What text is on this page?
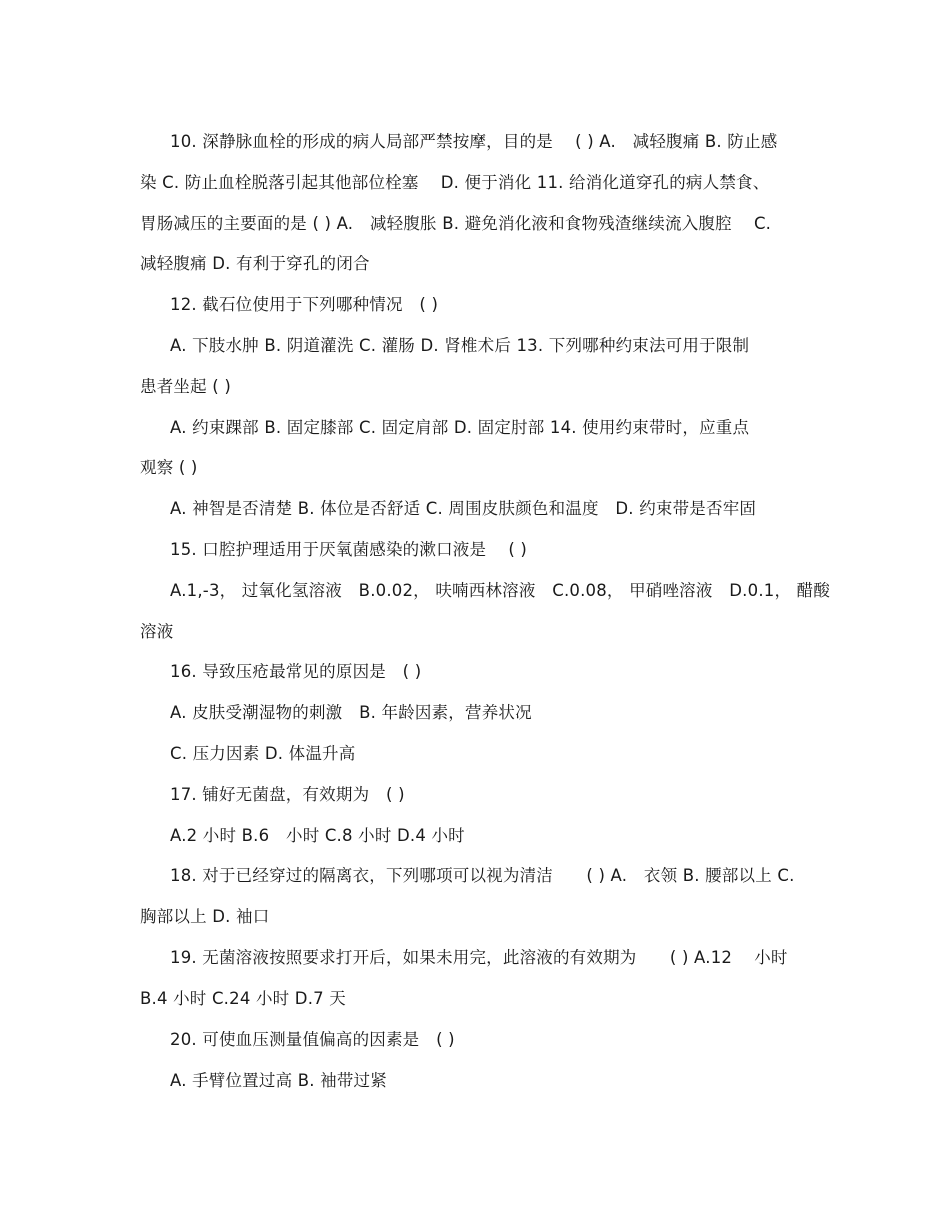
10. 深静脉血栓的形成的病人局部严禁按摩，目的是　 ( ) A.　减轻腹痛 B. 防止感
染 C. 防止血栓脱落引起其他部位栓塞　 D. 便于消化 11. 给消化道穿孔的病人禁食、
胃肠减压的主要面的是 ( ) A.　减轻腹胀 B. 避免消化液和食物残渣继续流入腹腔　 C.
减轻腹痛 D. 有利于穿孔的闭合
12. 截石位使用于下列哪种情况　( )
A. 下肢水肿 B. 阴道灌洗 C. 灌肠 D. 肾椎术后 13. 下列哪种约束法可用于限制
患者坐起 ( )
A. 约束踝部 B. 固定膝部 C. 固定肩部 D. 固定肘部 14. 使用约束带时，应重点
观察 ( )
A. 神智是否清楚 B. 体位是否舒适 C. 周围皮肤颜色和温度　D. 约束带是否牢固
15. 口腔护理适用于厌氧菌感染的漱口液是　 ( )
A.1,-3， 过氧化氢溶液　B.0.02， 呋喃西林溶液　C.0.08， 甲硝唑溶液　D.0.1， 醋酸
溶液
16. 导致压疮最常见的原因是　( )
A. 皮肤受潮湿物的刺激　B. 年龄因素，营养状况
C. 压力因素 D. 体温升高
17. 铺好无菌盘，有效期为　( )
A.2 小时 B.6　小时 C.8 小时 D.4 小时
18. 对于已经穿过的隔离衣，下列哪项可以视为清洁　　( ) A.　衣领 B. 腰部以上 C.
胸部以上 D. 袖口
19. 无菌溶液按照要求打开后，如果未用完，此溶液的有效期为　　( ) A.12　 小时
B.4 小时 C.24 小时 D.7 天
20. 可使血压测量值偏高的因素是　( )
A. 手臂位置过高 B. 袖带过紧
